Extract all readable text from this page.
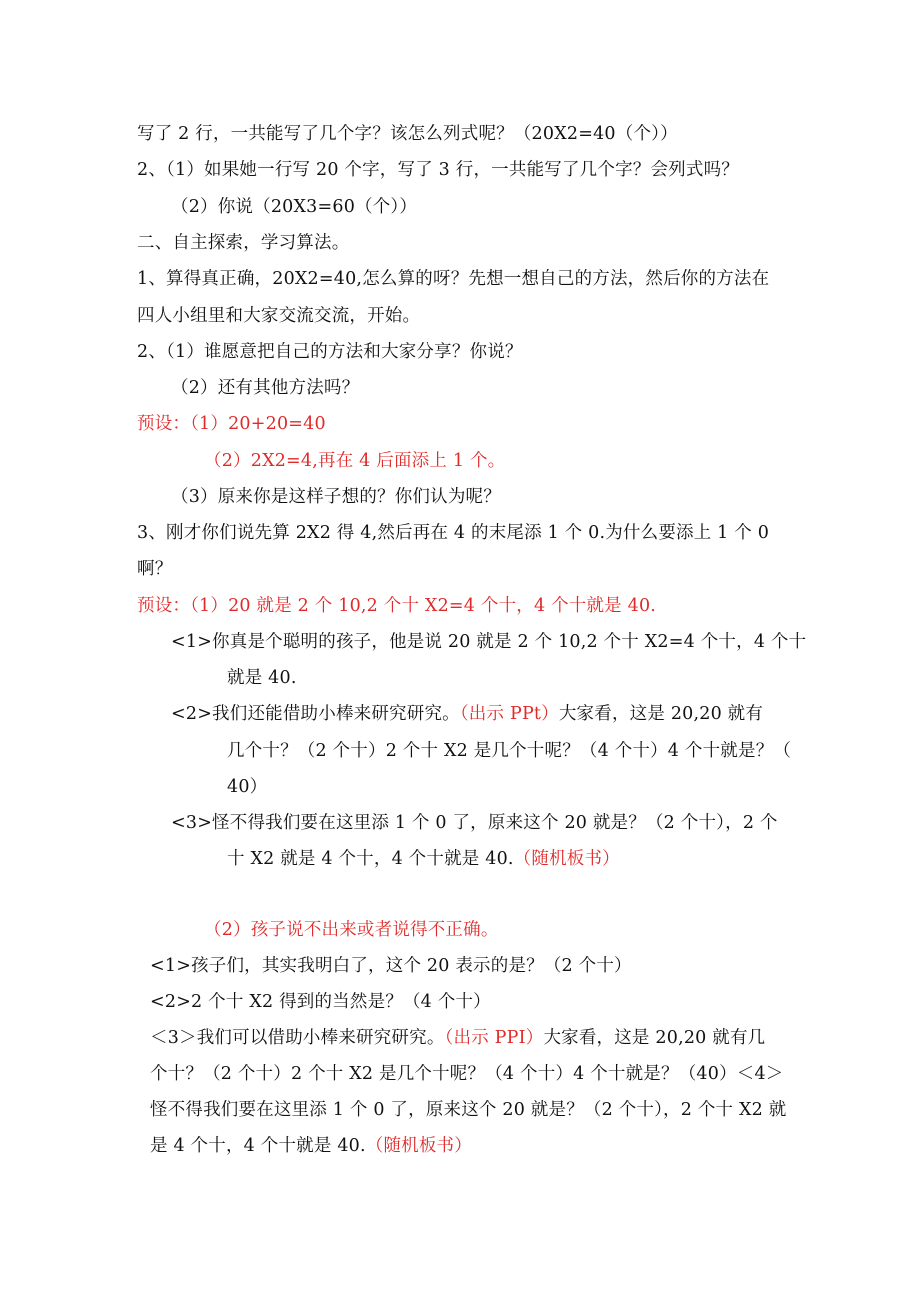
写了 2 行，一共能写了几个字？该怎么列式呢？（20X2=40（个））
2、（1）如果她一行写 20 个字，写了 3 行，一共能写了几个字？会列式吗？
（2）你说（20X3=60（个））
二、自主探索，学习算法。
1、算得真正确，20X2=40,怎么算的呀？先想一想自己的方法，然后你的方法在
四人小组里和大家交流交流，开始。
2、（1）谁愿意把自己的方法和大家分享？你说？
（2）还有其他方法吗？
预设：（1）20+20=40
（2）2X2=4,再在 4 后面添上 1 个。
（3）原来你是这样子想的？你们认为呢？
3、刚才你们说先算 2X2 得 4,然后再在 4 的末尾添 1 个 0.为什么要添上 1 个 0
啊？
预设：（1）20 就是 2 个 10,2 个十 X2=4 个十，4 个十就是 40.
<1>你真是个聪明的孩子，他是说 20 就是 2 个 10,2 个十 X2=4 个十，4 个十
就是 40.
<2>我们还能借助小棒来研究研究。（出示 PPt）大家看，这是 20,20 就有
几个十？（2 个十）2 个十 X2 是几个十呢？（4 个十）4 个十就是？（
40）
<3>怪不得我们要在这里添 1 个 0 了，原来这个 20 就是？（2 个十），2 个
十 X2 就是 4 个十，4 个十就是 40.（随机板书）
（2）孩子说不出来或者说得不正确。
<1>孩子们，其实我明白了，这个 20 表示的是？（2 个十）
<2>2 个十 X2 得到的当然是？（4 个十）
＜3＞我们可以借助小棒来研究研究。（出示 PPI）大家看，这是 20,20 就有几
个十？（2 个十）2 个十 X2 是几个十呢？（4 个十）4 个十就是？（40）＜4＞
怪不得我们要在这里添 1 个 0 了，原来这个 20 就是？（2 个十），2 个十 X2 就
是 4 个十，4 个十就是 40.（随机板书）
